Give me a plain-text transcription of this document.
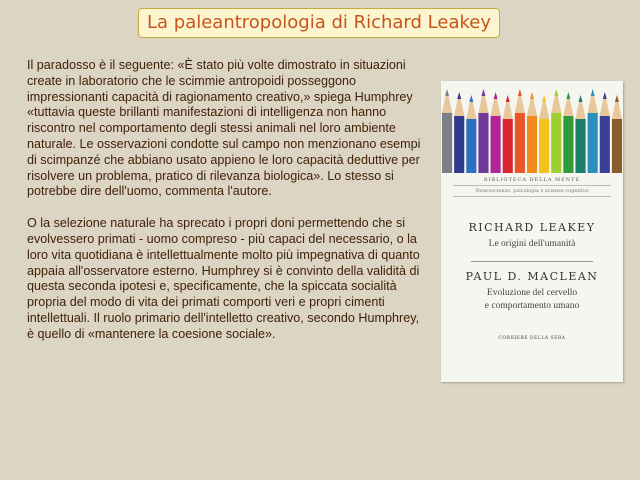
La paleantropologia di Richard Leakey

Il paradosso è il seguente: «È stato più volte dimostrato in situazioni create in laboratorio che le scimmie antropoidi posseggono impressionanti capacità di ragionamento creativo,» spiega Humphrey «tuttavia queste brillanti manifestazioni di intelligenza non hanno riscontro nel comportamento degli stessi animali nel loro ambiente naturale. Le osservazioni condotte sul campo non menzionano esempi di scimpanzé che abbiano usato appieno le loro capacità deduttive per risolvere un problema, pratico di rilevanza biologica». Lo stesso si potrebbe dire dell'uomo, commenta l'autore.

O la selezione naturale ha sprecato i propri doni permettendo che si evolvessero primati - uomo compreso - più capaci del necessario, o la loro vita quotidiana è intellettualmente molto più impegnativa di quanto appaia all'osservatore esterno. Humphrey si è convinto della validità di questa seconda ipotesi e, specificamente, che la spiccata socialità propria del modo di vita dei primati comporti veri e propri cimenti intellettuali. Il ruolo primario dell'intelletto creativo, secondo Humphrey, è quello di «mantenere la coesione sociale».

BIBLIOTECA DELLA MENTE
Neuroscienze, psicologia e scienze cognitive
RICHARD LEAKEY
Le origini dell'umanità
PAUL D. MACLEAN
Evoluzione del cervello
e comportamento umano
CORRIERE DELLA SERA
